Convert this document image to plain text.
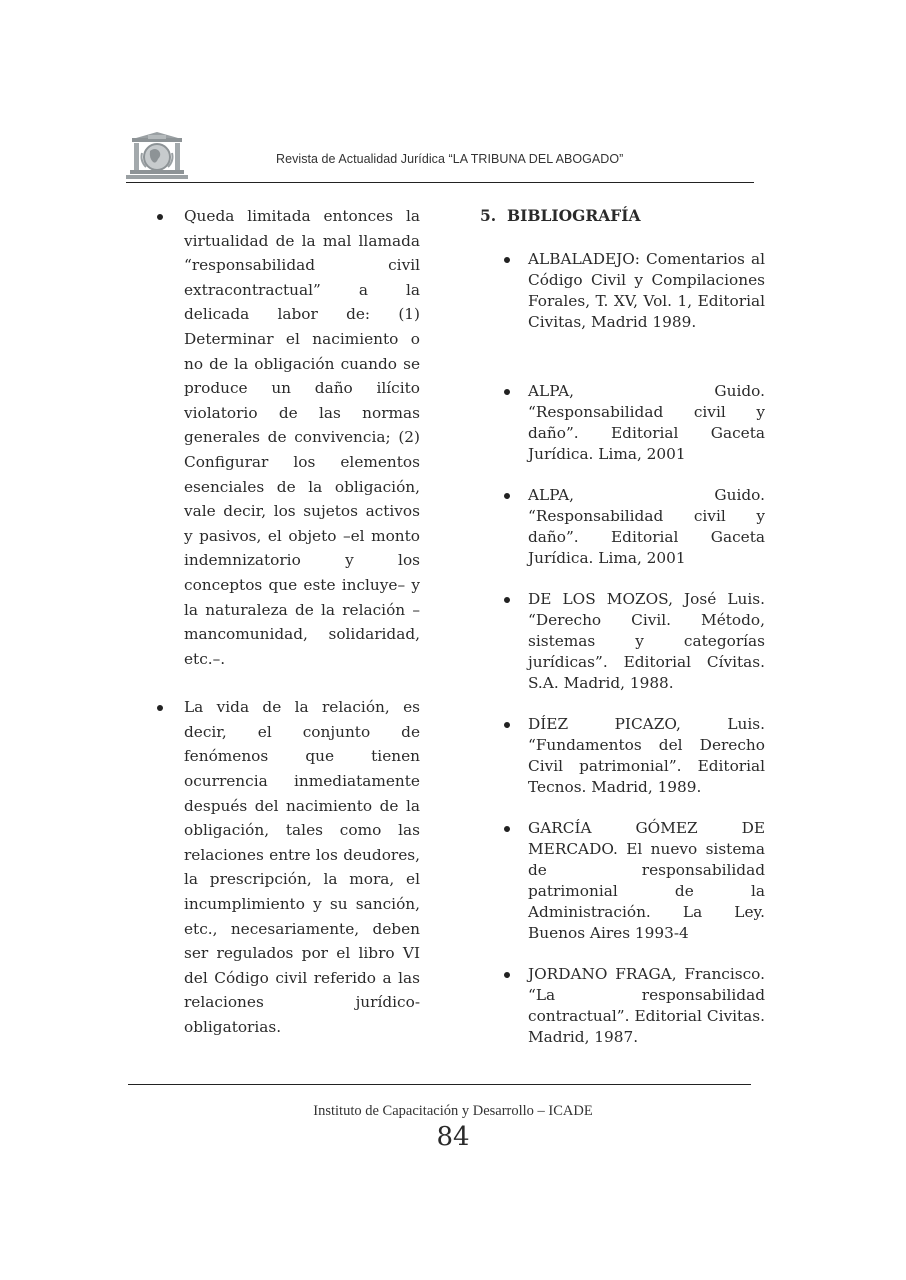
Revista de Actualidad Jurídica “LA TRIBUNA DEL ABOGADO”
Queda limitada entonces la virtualidad de la mal llamada “responsabilidad civil extracontractual” a la delicada labor de: (1) Determinar el nacimiento o no de la obligación cuando se produce un daño ilícito violatorio de las normas generales de convivencia; (2) Configurar los elementos esenciales de la obligación, vale decir, los sujetos activos y pasivos, el objeto –el monto indemnizatorio y los conceptos que este incluye– y la naturaleza de la relación –mancomunidad, solidaridad, etc.–.
La vida de la relación, es decir, el conjunto de fenómenos que tienen ocurrencia inmediatamente después del nacimiento de la obligación, tales como las relaciones entre los deudores, la prescripción, la mora, el incumplimiento y su sanción, etc., necesariamente, deben ser regulados por el libro VI del Código civil referido a las relaciones jurídico-obligatorias.
5. BIBLIOGRAFÍA
ALBALADEJO: Comentarios al Código Civil y Compilaciones Forales, T. XV, Vol. 1, Editorial Civitas, Madrid 1989.
ALPA, Guido. “Responsabilidad civil y daño”. Editorial Gaceta Jurídica. Lima, 2001
ALPA, Guido. “Responsabilidad civil y daño”. Editorial Gaceta Jurídica. Lima, 2001
DE LOS MOZOS, José Luis. “Derecho Civil. Método, sistemas y categorías jurídicas”. Editorial Cívitas. S.A. Madrid, 1988.
DÍEZ PICAZO, Luis. “Fundamentos del Derecho Civil patrimonial”. Editorial Tecnos. Madrid, 1989.
GARCÍA GÓMEZ DE MERCADO. El nuevo sistema de responsabilidad patrimonial de la Administración. La Ley. Buenos Aires 1993-4
JORDANO FRAGA, Francisco. “La responsabilidad contractual”. Editorial Civitas. Madrid, 1987.
Instituto de Capacitación y Desarrollo – ICADE
84
